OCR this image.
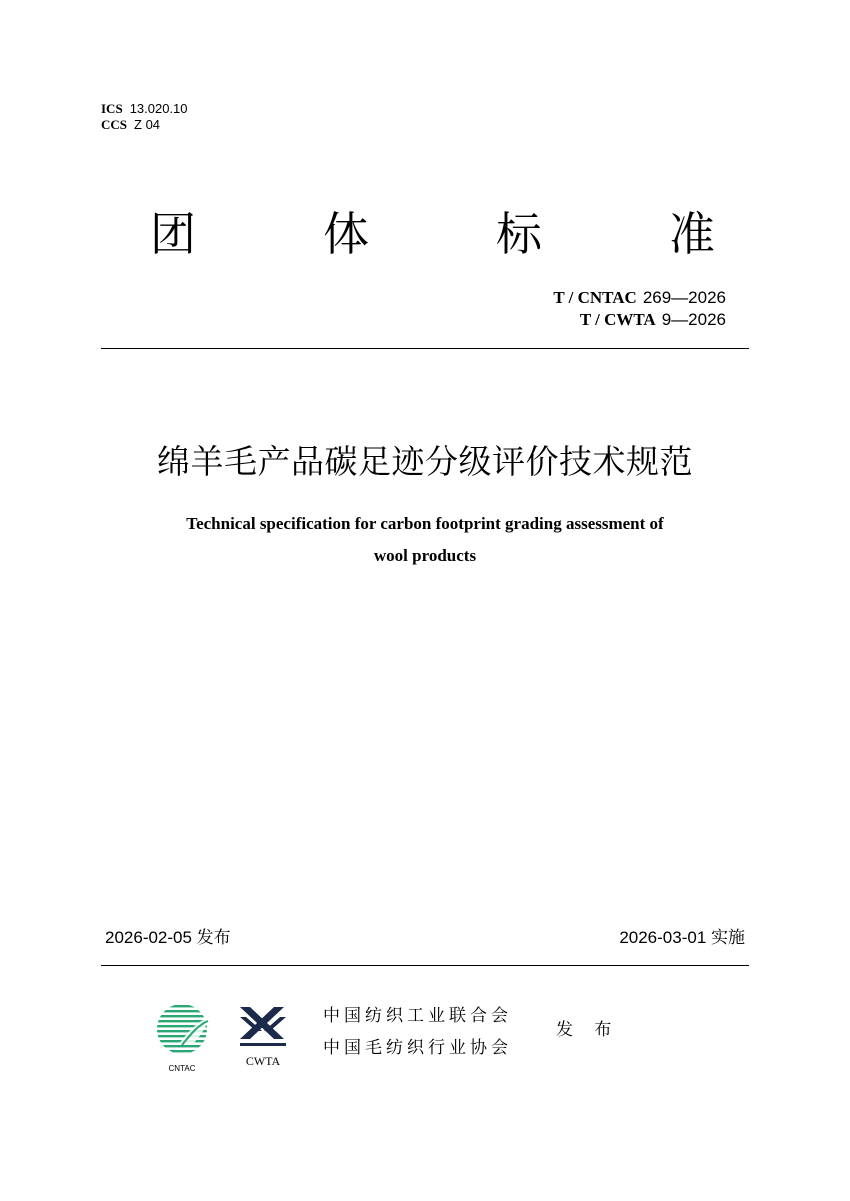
ICS 13.020.10
CCS Z 04
团	体	标	准
T / CNTAC 269—2026
T / CWTA 9—2026
绵羊毛产品碳足迹分级评价技术规范
Technical specification for carbon footprint grading assessment of
wool products
2026-02-05 发布	2026-03-01 实施
CNTAC
CWTA
中国纺织工业联合会
中国毛纺织行业协会
发 布
